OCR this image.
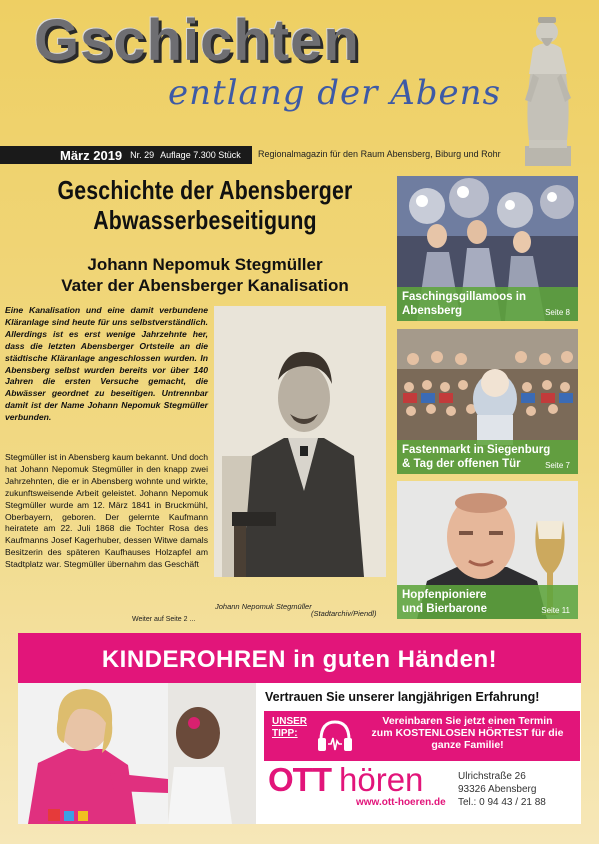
Gschichten
entlang der Abens
März 2019 Nr. 29 Auflage 7.300 Stück Regionalmagazin für den Raum Abensberg, Biburg und Rohr
Geschichte der Abensberger
Abwasserbeseitigung
Johann Nepomuk Stegmüller
Vater der Abensberger Kanalisation
Eine Kanalisation und eine damit verbundene Kläranlage sind heute für uns selbstverständlich. Allerdings ist es erst wenige Jahrzehnte her, dass die letzten Abensberger Ortsteile an die städtische Kläranlage angeschlossen wurden. In Abensberg selbst wurden bereits vor über 140 Jahren die ersten Versuche gemacht, die Abwässer geordnet zu beseitigen. Untrennbar damit ist der Name Johann Nepomuk Stegmüller verbunden.
Stegmüller ist in Abensberg kaum bekannt. Und doch hat Johann Nepomuk Stegmüller in den knapp zwei Jahrzehnten, die er in Abensberg wohnte und wirkte, zukunftsweisende Arbeit geleistet. Johann Nepomuk Stegmüller wurde am 12. März 1841 in Bruckmühl, Oberbayern, geboren. Der gelernte Kaufmann heiratete am 22. Juli 1868 die Tochter Rosa des Kaufmanns Josef Kagerhuber, dessen Witwe damals Besitzerin des späteren Kaufhauses Holzapfel am Stadtplatz war. Stegmüller übernahm das Geschäft
Johann Nepomuk Stegmüller
(Stadtarchiv/Piendl)
Weiter auf Seite 2 ...
Faschingsgillamoos in
Abensberg	Seite 8
Fastenmarkt in Siegenburg
& Tag der offenen Tür	Seite 7
Hopfenpioniere
und Bierbarone	Seite 11
KINDEROHREN in guten Händen!
Vertrauen Sie unserer langjährigen Erfahrung!
UNSER
TIPP:
Vereinbaren Sie jetzt einen Termin
zum KOSTENLOSEN HÖRTEST für die
ganze Familie!
OTT hören
www.ott-hoeren.de
Ulrichstraße 26
93326 Abensberg
Tel.: 0 94 43 / 21 88
